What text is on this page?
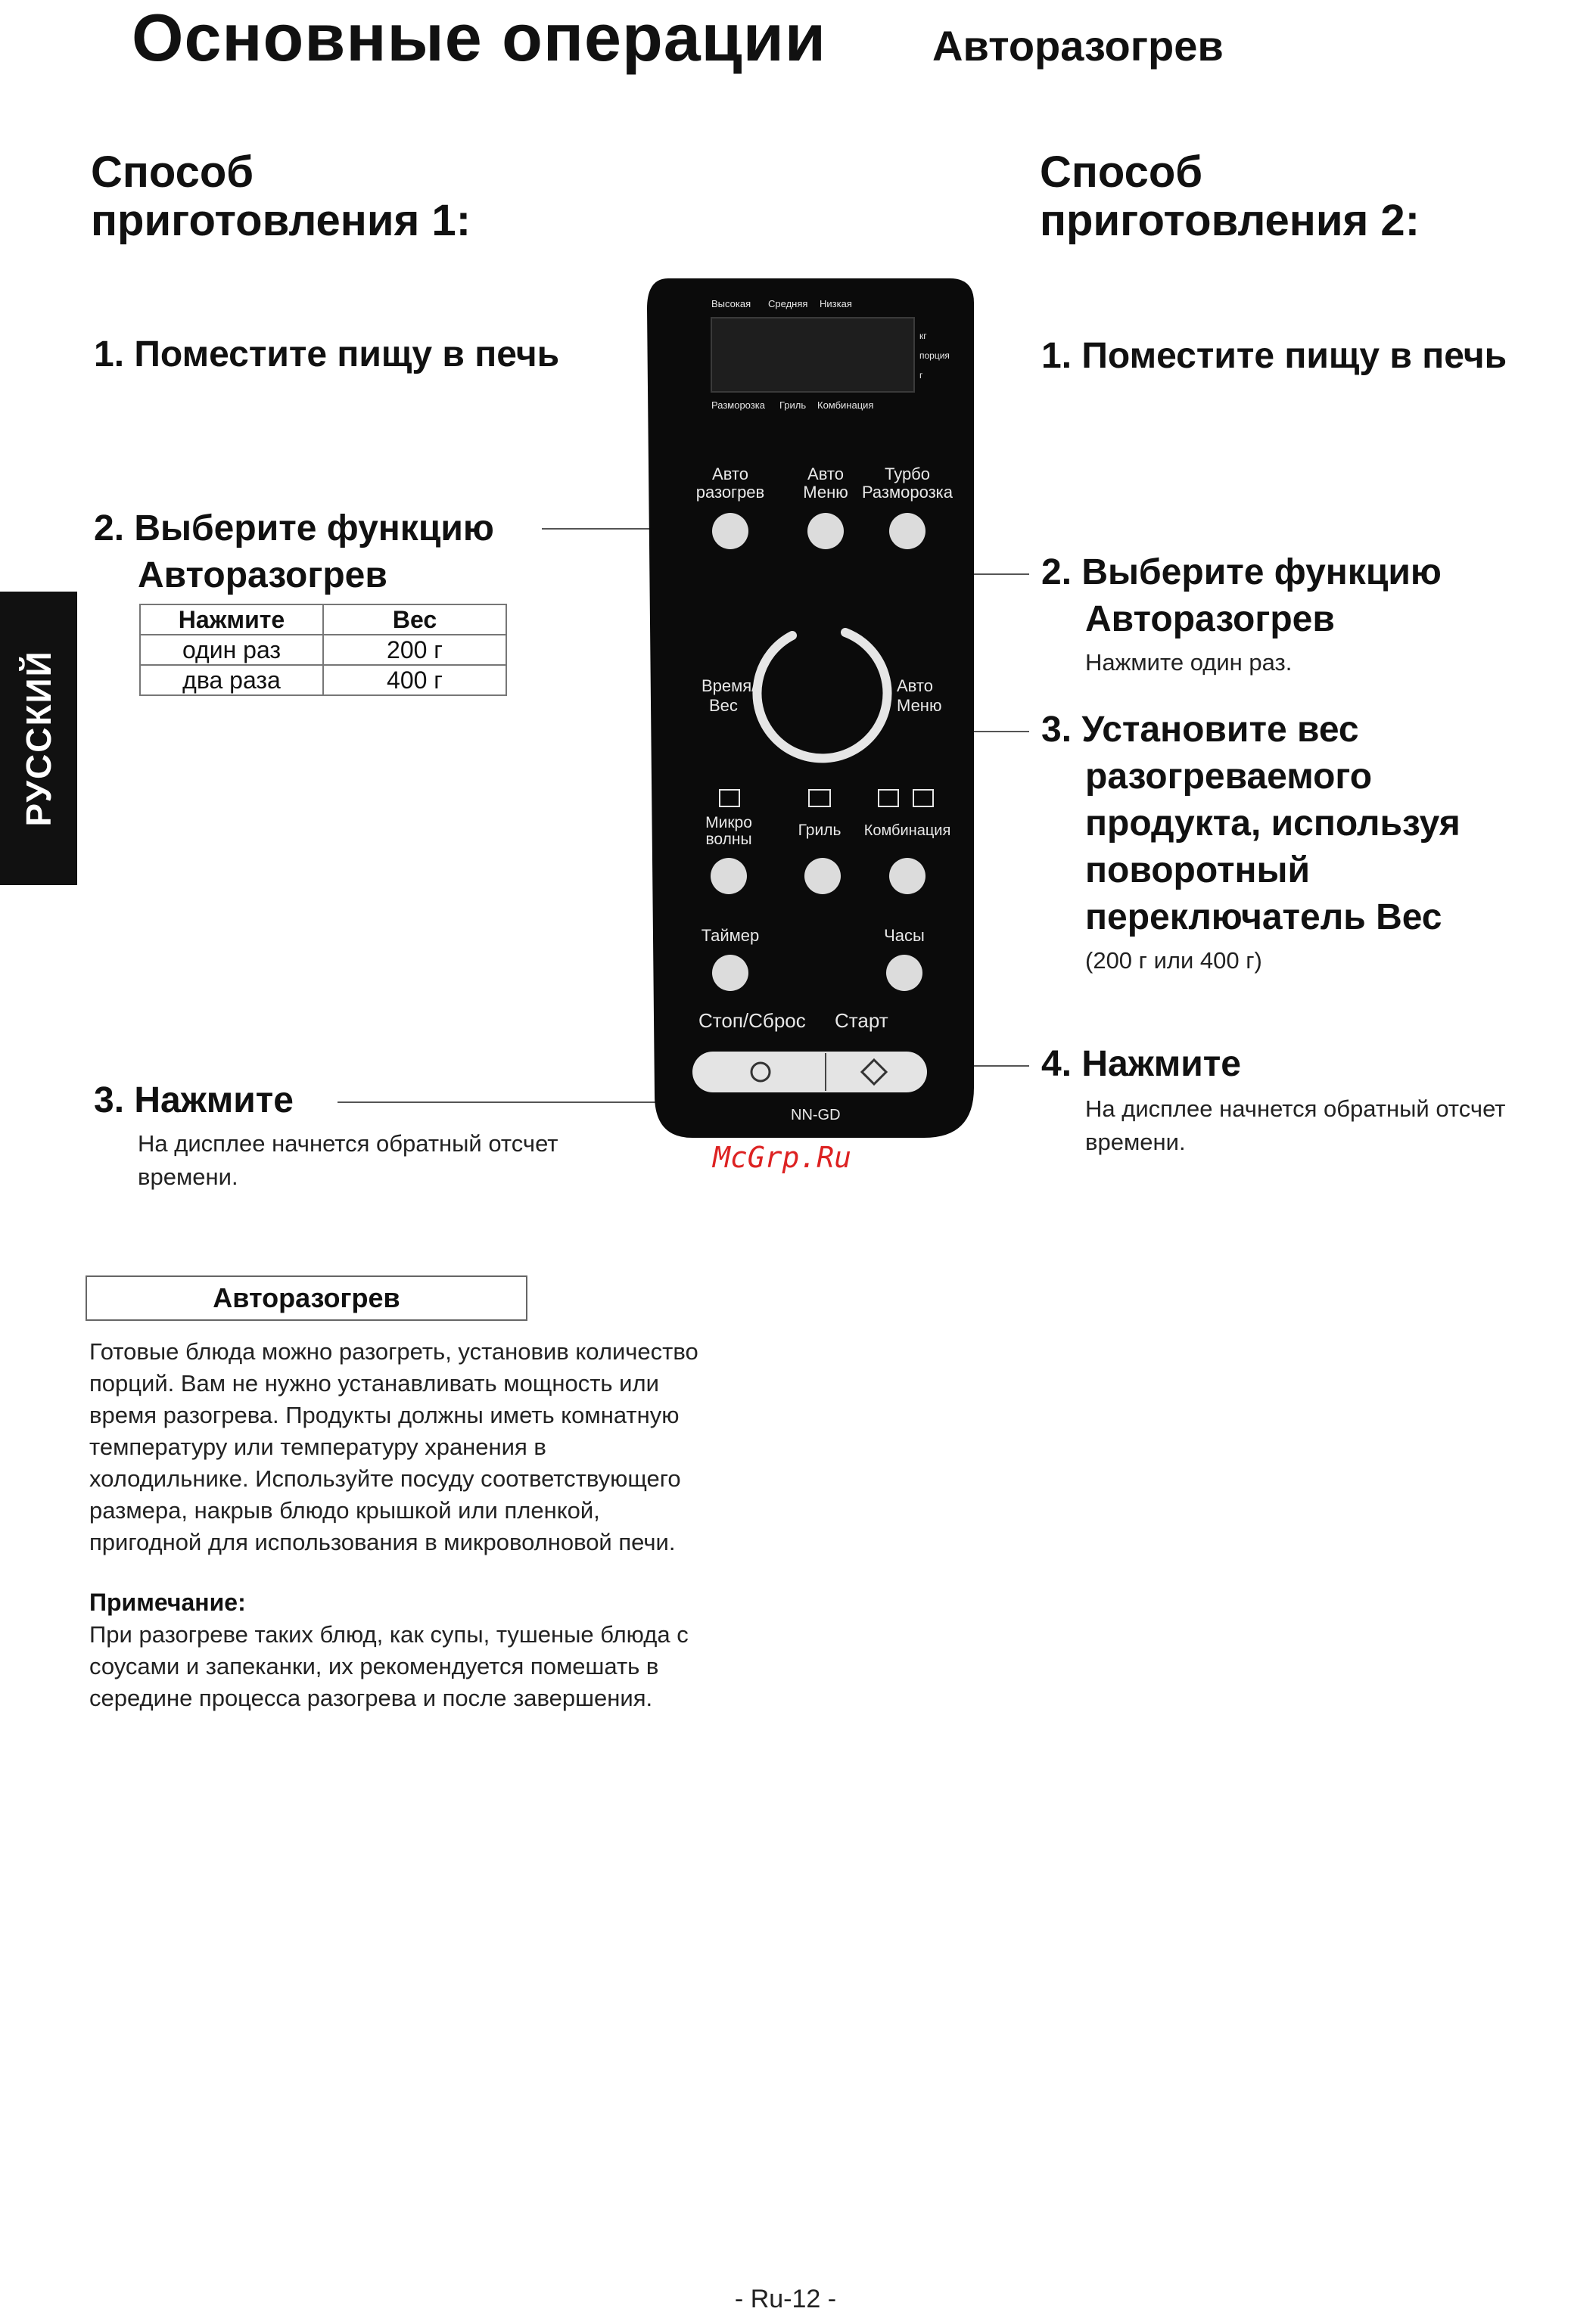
Основные операции	Авторазогрев
РУССКИЙ
Способ
приготовления 1:
1. Поместите пищу в печь
2. Выберите функцию
Авторазогрев
Нажмите	Вес
один раз	200 г
два раза	400 г
3. Нажмите
На дисплее начнется обратный отсчет
времени.
Способ
приготовления 2:
1. Поместите пищу в печь
2. Выберите функцию
Авторазогрев
Нажмите один раз.
3. Установите вес
разогреваемого
продукта, используя
поворотный
переключатель Вес
(200 г или 400 г)
4. Нажмите
На дисплее начнется обратный отсчет
времени.
Высокая Средняя Низкая
кг
порция
г
Разморозка Гриль Комбинация
Авто
разогрев
Авто
Меню
Турбо
Разморозка
Время/
Вес
Авто
Меню
Микро
волны
Гриль Комбинация
Таймер	Часы
Стоп/Сброс Старт
NN-GD
McGrp.Ru
Авторазогрев
Готовые блюда можно разогреть, установив количество
порций. Вам не нужно устанавливать мощность или
время разогрева. Продукты должны иметь комнатную
температуру или температуру хранения в
холодильнике. Используйте посуду соответствующего
размера, накрыв блюдо крышкой или пленкой,
пригодной для использования в микроволновой печи.
Примечание:
При разогреве таких блюд, как супы, тушеные блюда с
соусами и запеканки, их рекомендуется помешать в
середине процесса разогрева и после завершения.
- Ru-12 -
